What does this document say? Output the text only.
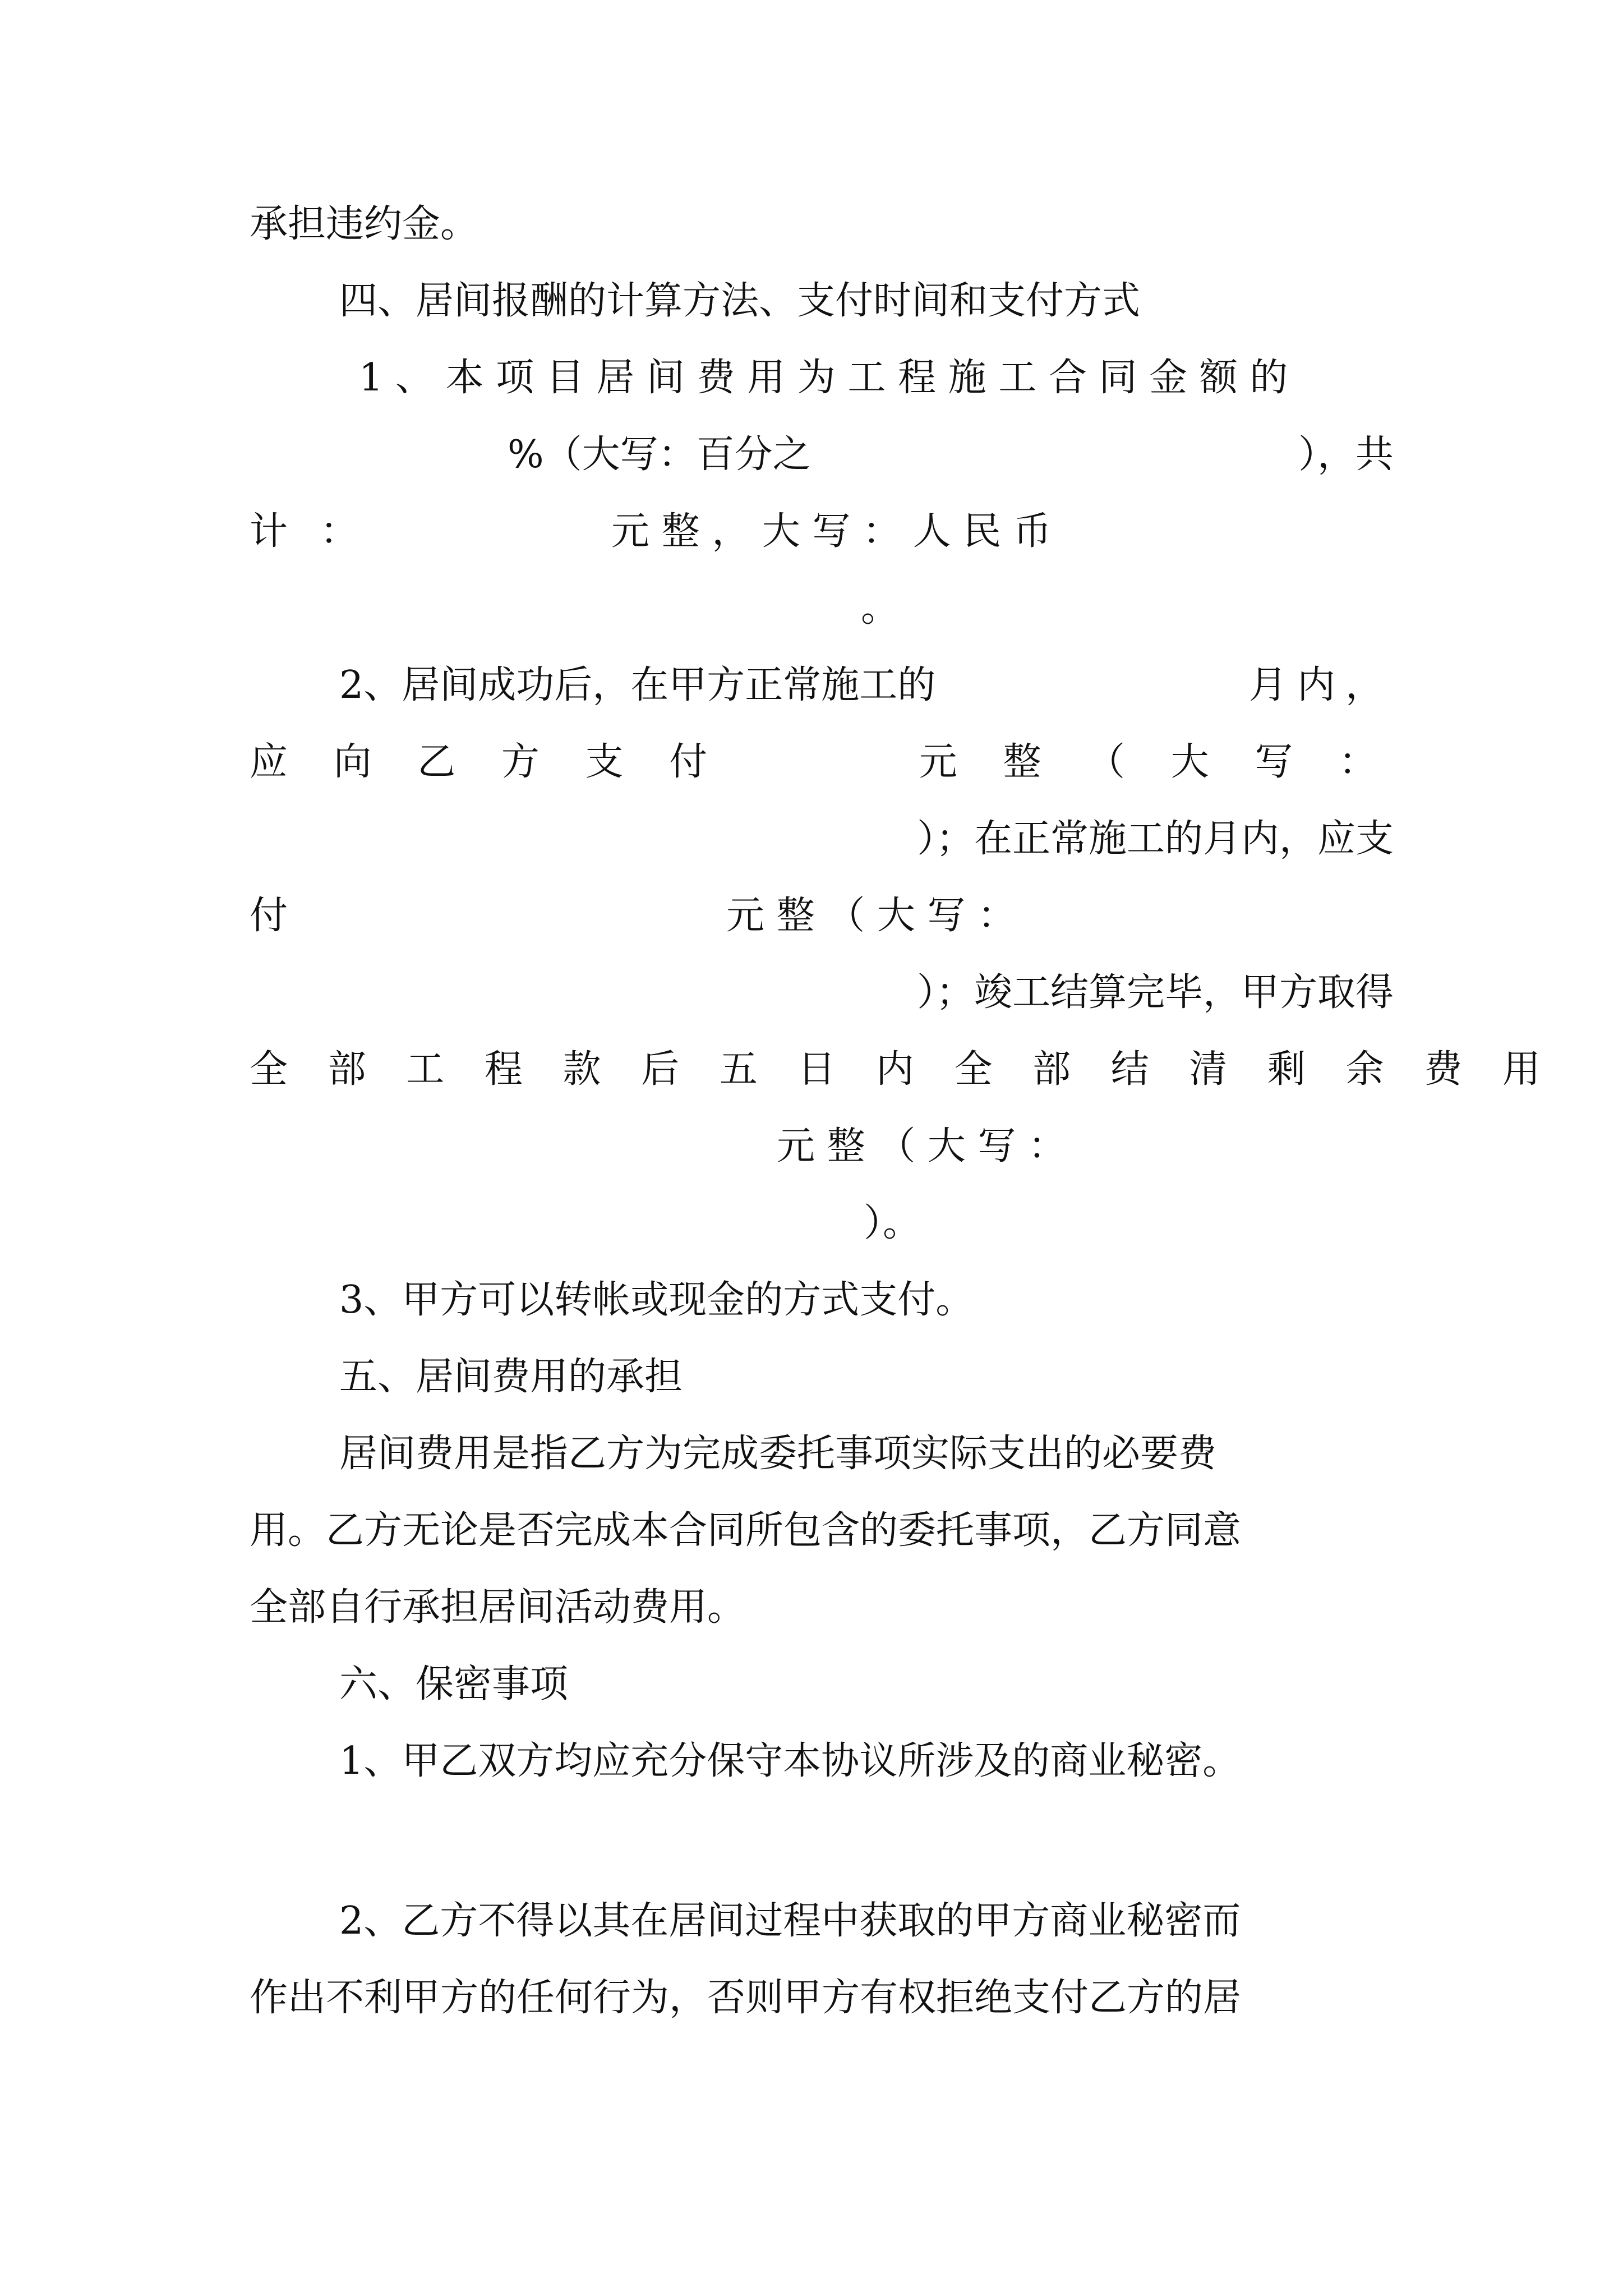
承担违约金。
四、居间报酬的计算方法、支付时间和支付方式
1 、 本 项 目 居 间 费 用 为 工 程 施 工 合 同 金 额 的
%（大写：百分之	），共
计 ：	元 整 ， 大 写 ： 人 民 币
。
2、居间成功后，在甲方正常施工的	月内，
应 向 乙 方 支 付	元 整 （ 大 写 ：
）；在正常施工的月内，应支
付	元 整 （ 大 写 ：
）；竣工结算完毕，甲方取得
全 部 工 程 款 后 五 日 内 全 部 结 清 剩 余 费 用
元 整 （ 大 写 ：
）。
3、甲方可以转帐或现金的方式支付。
五、居间费用的承担
居间费用是指乙方为完成委托事项实际支出的必要费
用。乙方无论是否完成本合同所包含的委托事项，乙方同意
全部自行承担居间活动费用。
六、保密事项
1、甲乙双方均应充分保守本协议所涉及的商业秘密。
2、乙方不得以其在居间过程中获取的甲方商业秘密而
作出不利甲方的任何行为，否则甲方有权拒绝支付乙方的居
